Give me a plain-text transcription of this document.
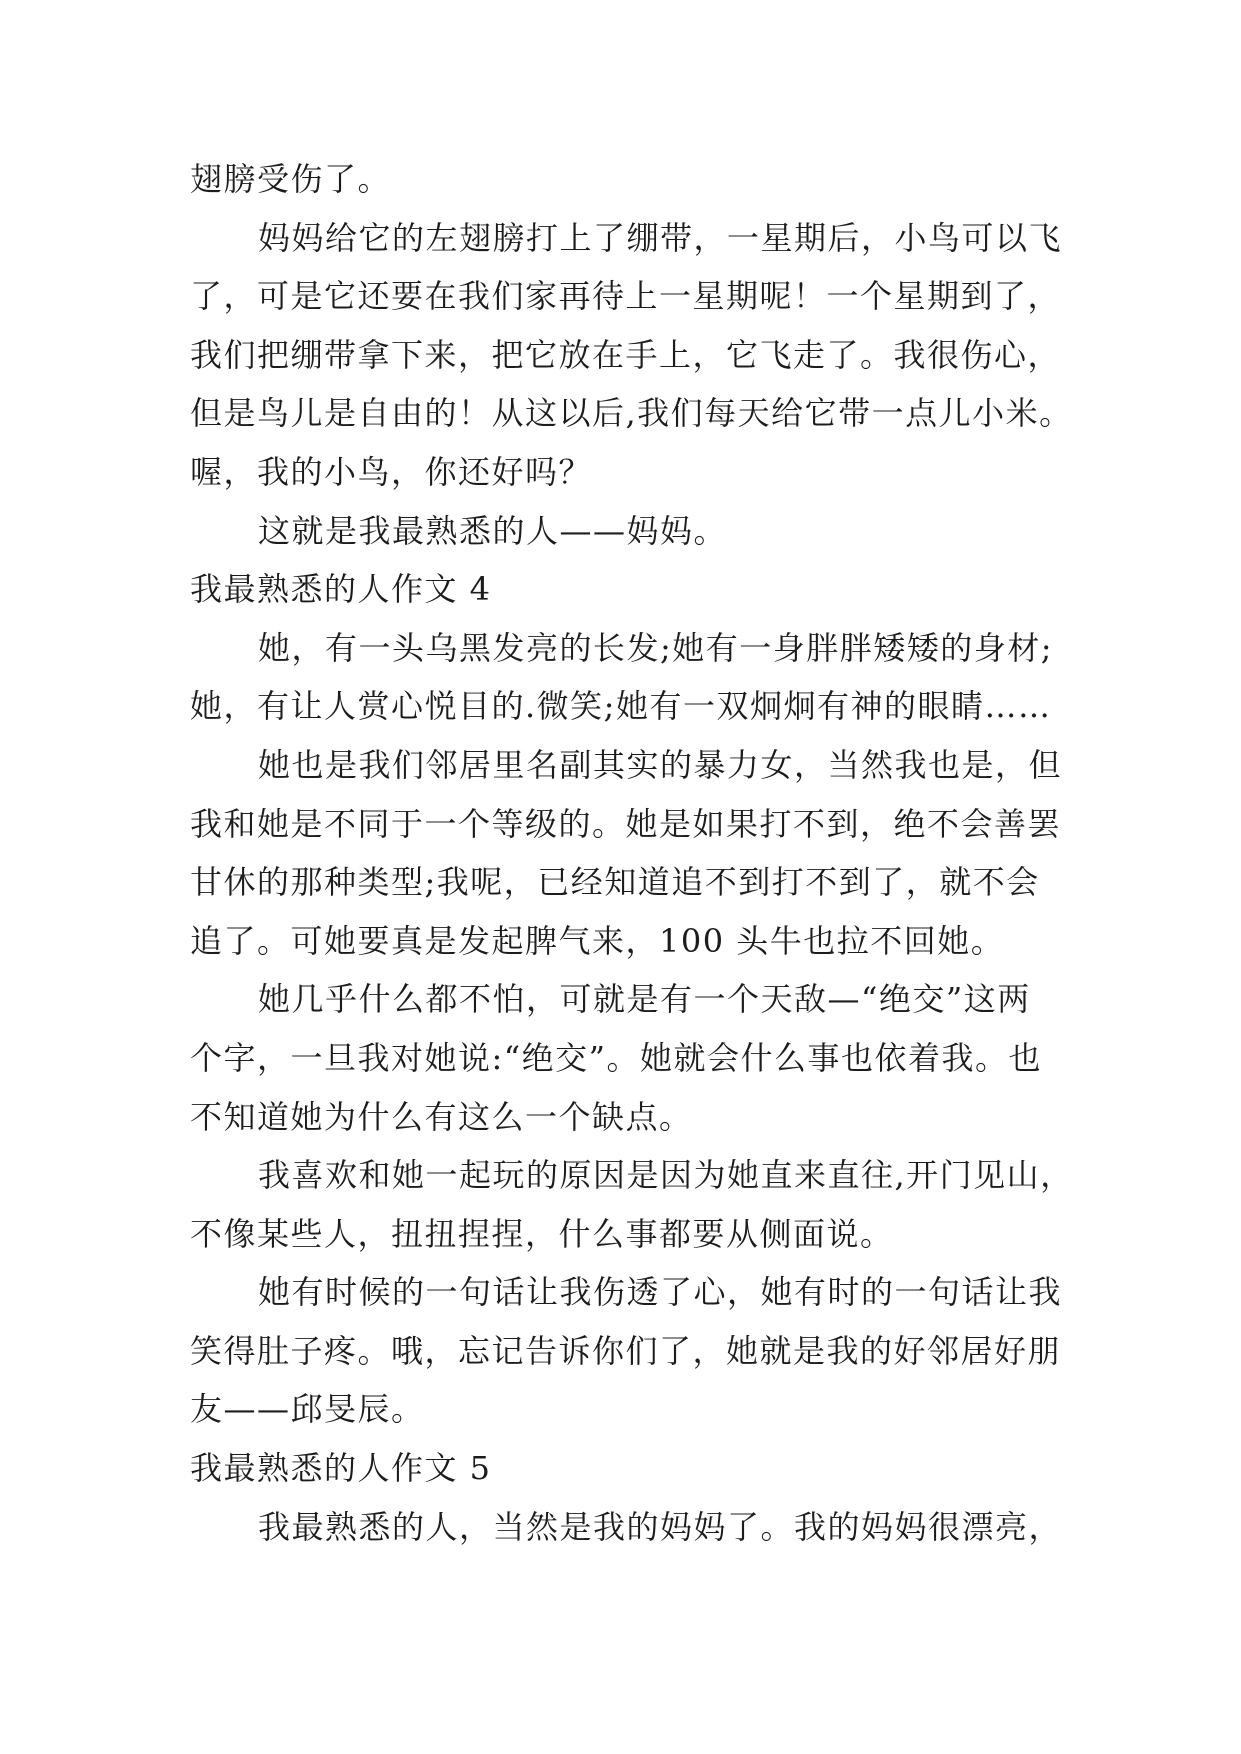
翅膀受伤了。
妈妈给它的左翅膀打上了绷带，一星期后，小鸟可以飞
了，可是它还要在我们家再待上一星期呢！一个星期到了，
我们把绷带拿下来，把它放在手上，它飞走了。我很伤心，
但是鸟儿是自由的！从这以后,我们每天给它带一点儿小米。
喔，我的小鸟，你还好吗？
这就是我最熟悉的人——妈妈。
我最熟悉的人作文 4
她，有一头乌黑发亮的长发;她有一身胖胖矮矮的身材;
她，有让人赏心悦目的.微笑;她有一双炯炯有神的眼睛……
她也是我们邻居里名副其实的暴力女，当然我也是，但
我和她是不同于一个等级的。她是如果打不到，绝不会善罢
甘休的那种类型;我呢，已经知道追不到打不到了，就不会
追了。可她要真是发起脾气来，100 头牛也拉不回她。
她几乎什么都不怕，可就是有一个天敌—“绝交”这两
个字，一旦我对她说:“绝交”。她就会什么事也依着我。也
不知道她为什么有这么一个缺点。
我喜欢和她一起玩的原因是因为她直来直往,开门见山，
不像某些人，扭扭捏捏，什么事都要从侧面说。
她有时候的一句话让我伤透了心，她有时的一句话让我
笑得肚子疼。哦，忘记告诉你们了，她就是我的好邻居好朋
友——邱旻辰。
我最熟悉的人作文 5
我最熟悉的人，当然是我的妈妈了。我的妈妈很漂亮，
